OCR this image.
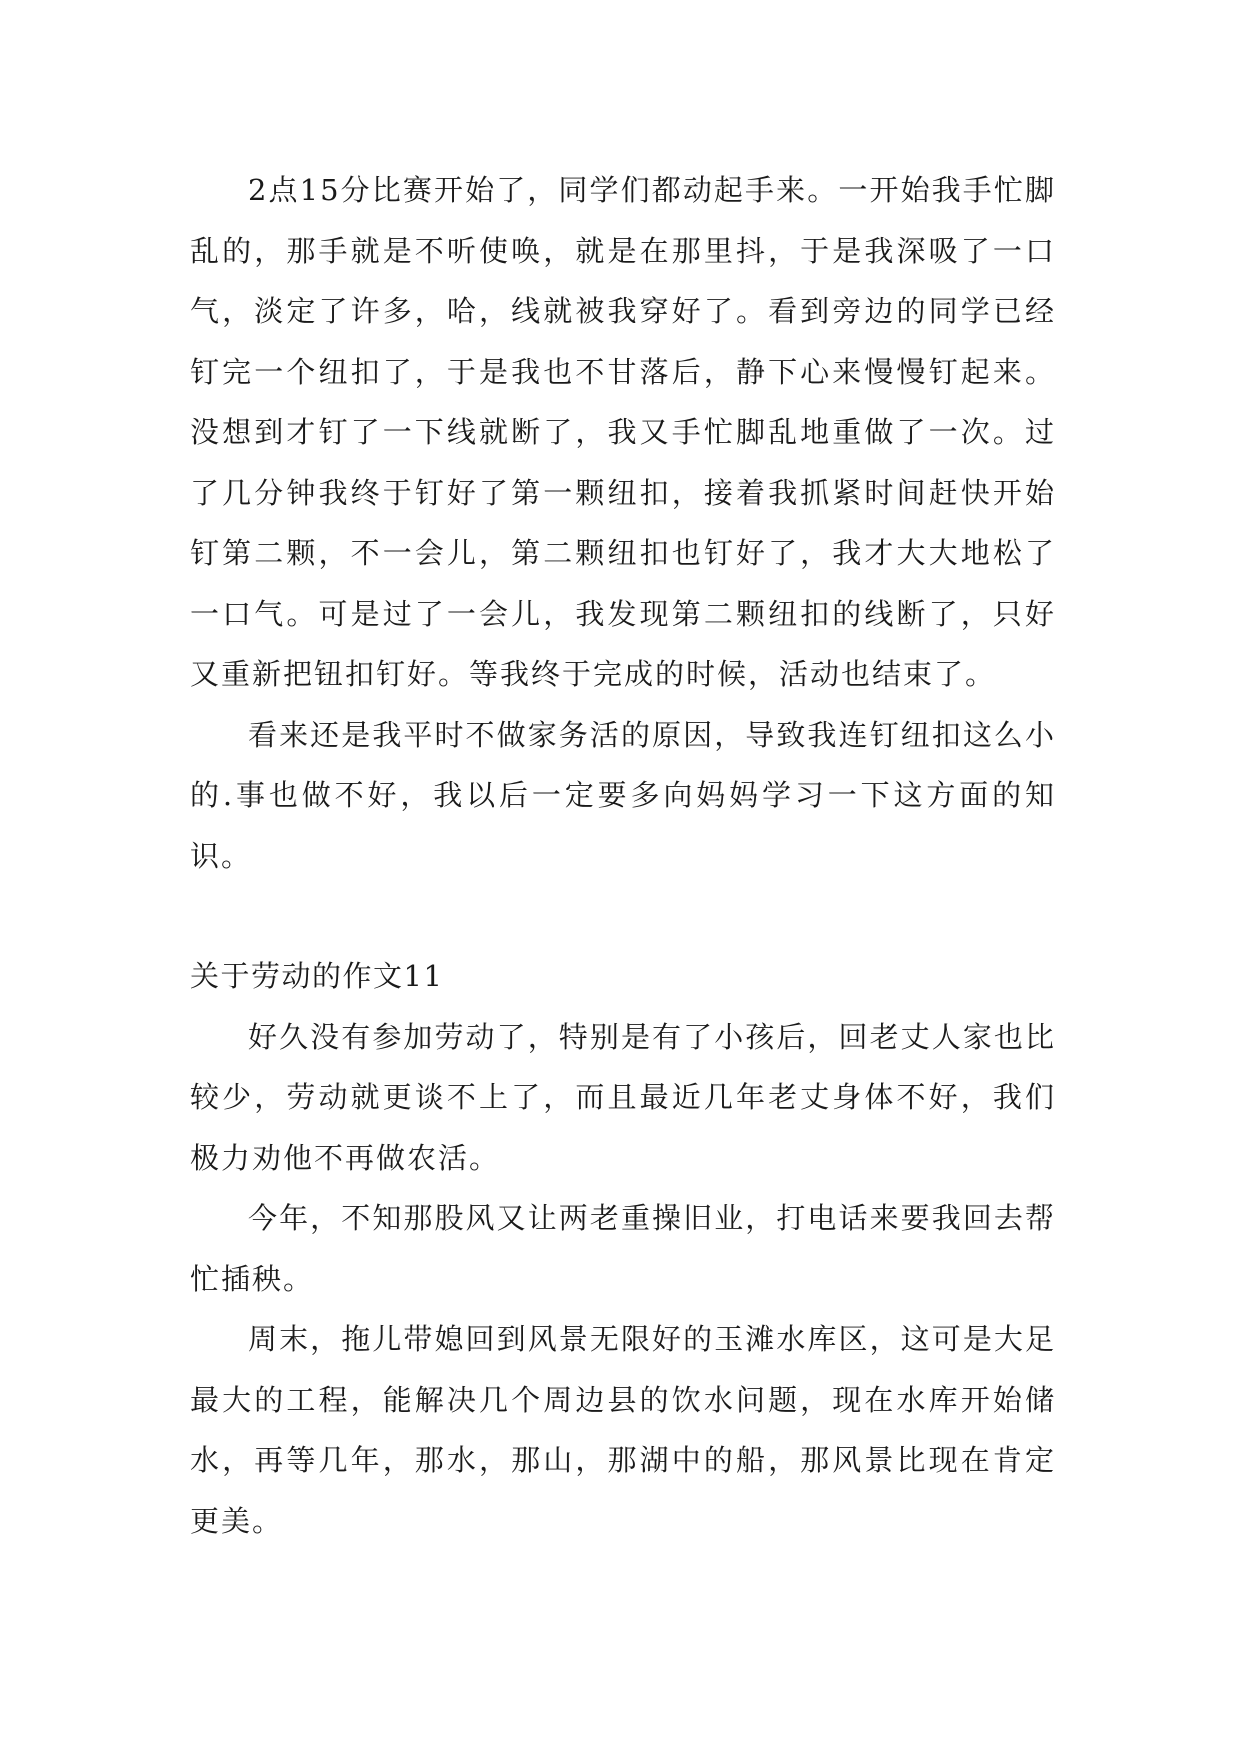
2点15分比赛开始了，同学们都动起手来。一开始我手忙脚乱的，那手就是不听使唤，就是在那里抖，于是我深吸了一口气，淡定了许多，哈，线就被我穿好了。看到旁边的同学已经钉完一个纽扣了，于是我也不甘落后，静下心来慢慢钉起来。没想到才钉了一下线就断了，我又手忙脚乱地重做了一次。过了几分钟我终于钉好了第一颗纽扣，接着我抓紧时间赶快开始钉第二颗，不一会儿，第二颗纽扣也钉好了，我才大大地松了一口气。可是过了一会儿，我发现第二颗纽扣的线断了，只好又重新把钮扣钉好。等我终于完成的时候，活动也结束了。

看来还是我平时不做家务活的原因，导致我连钉纽扣这么小的.事也做不好，我以后一定要多向妈妈学习一下这方面的知识。

关于劳动的作文11

好久没有参加劳动了，特别是有了小孩后，回老丈人家也比较少，劳动就更谈不上了，而且最近几年老丈身体不好，我们极力劝他不再做农活。

今年，不知那股风又让两老重操旧业，打电话来要我回去帮忙插秧。

周末，拖儿带媳回到风景无限好的玉滩水库区，这可是大足最大的工程，能解决几个周边县的饮水问题，现在水库开始储水，再等几年，那水，那山，那湖中的船，那风景比现在肯定更美。
